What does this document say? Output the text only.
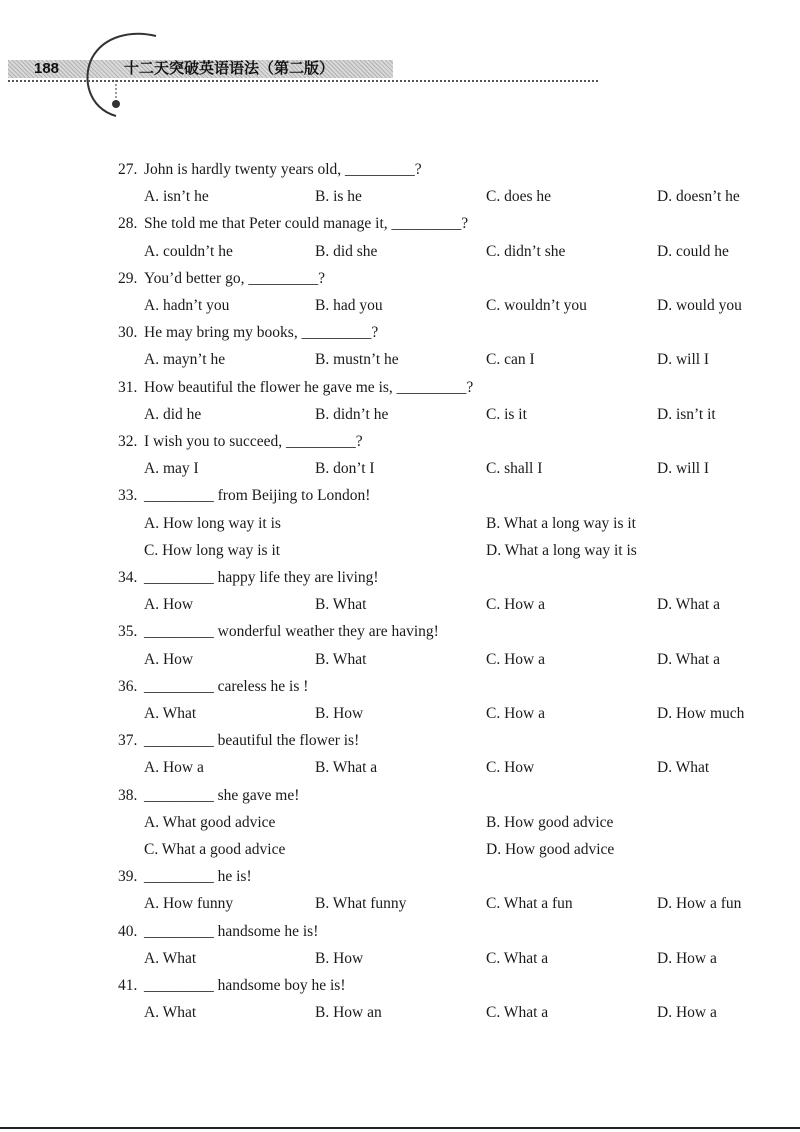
188	十二天突破英语语法（第二版）
27. John is hardly twenty years old, _________?
A. isn’t he	B. is he	C. does he	D. doesn’t he
28. She told me that Peter could manage it, _________?
A. couldn’t he	B. did she	C. didn’t she	D. could he
29. You’d better go, _________?
A. hadn’t you	B. had you	C. wouldn’t you	D. would you
30. He may bring my books, _________?
A. mayn’t he	B. mustn’t he	C. can I	D. will I
31. How beautiful the flower he gave me is, _________?
A. did he	B. didn’t he	C. is it	D. isn’t it
32. I wish you to succeed, _________?
A. may I	B. don’t I	C. shall I	D. will I
33. _________ from Beijing to London!
A. How long way it is	B. What a long way is it
C. How long way is it	D. What a long way it is
34. _________ happy life they are living!
A. How	B. What	C. How a	D. What a
35. _________ wonderful weather they are having!
A. How	B. What	C. How a	D. What a
36. _________ careless he is !
A. What	B. How	C. How a	D. How much
37. _________ beautiful the flower is!
A. How a	B. What a	C. How	D. What
38. _________ she gave me!
A. What good advice	B. How good advice
C. What a good advice	D. How good advice
39. _________ he is!
A. How funny	B. What funny	C. What a fun	D. How a fun
40. _________ handsome he is!
A. What	B. How	C. What a	D. How a
41. _________ handsome boy he is!
A. What	B. How an	C. What a	D. How a
